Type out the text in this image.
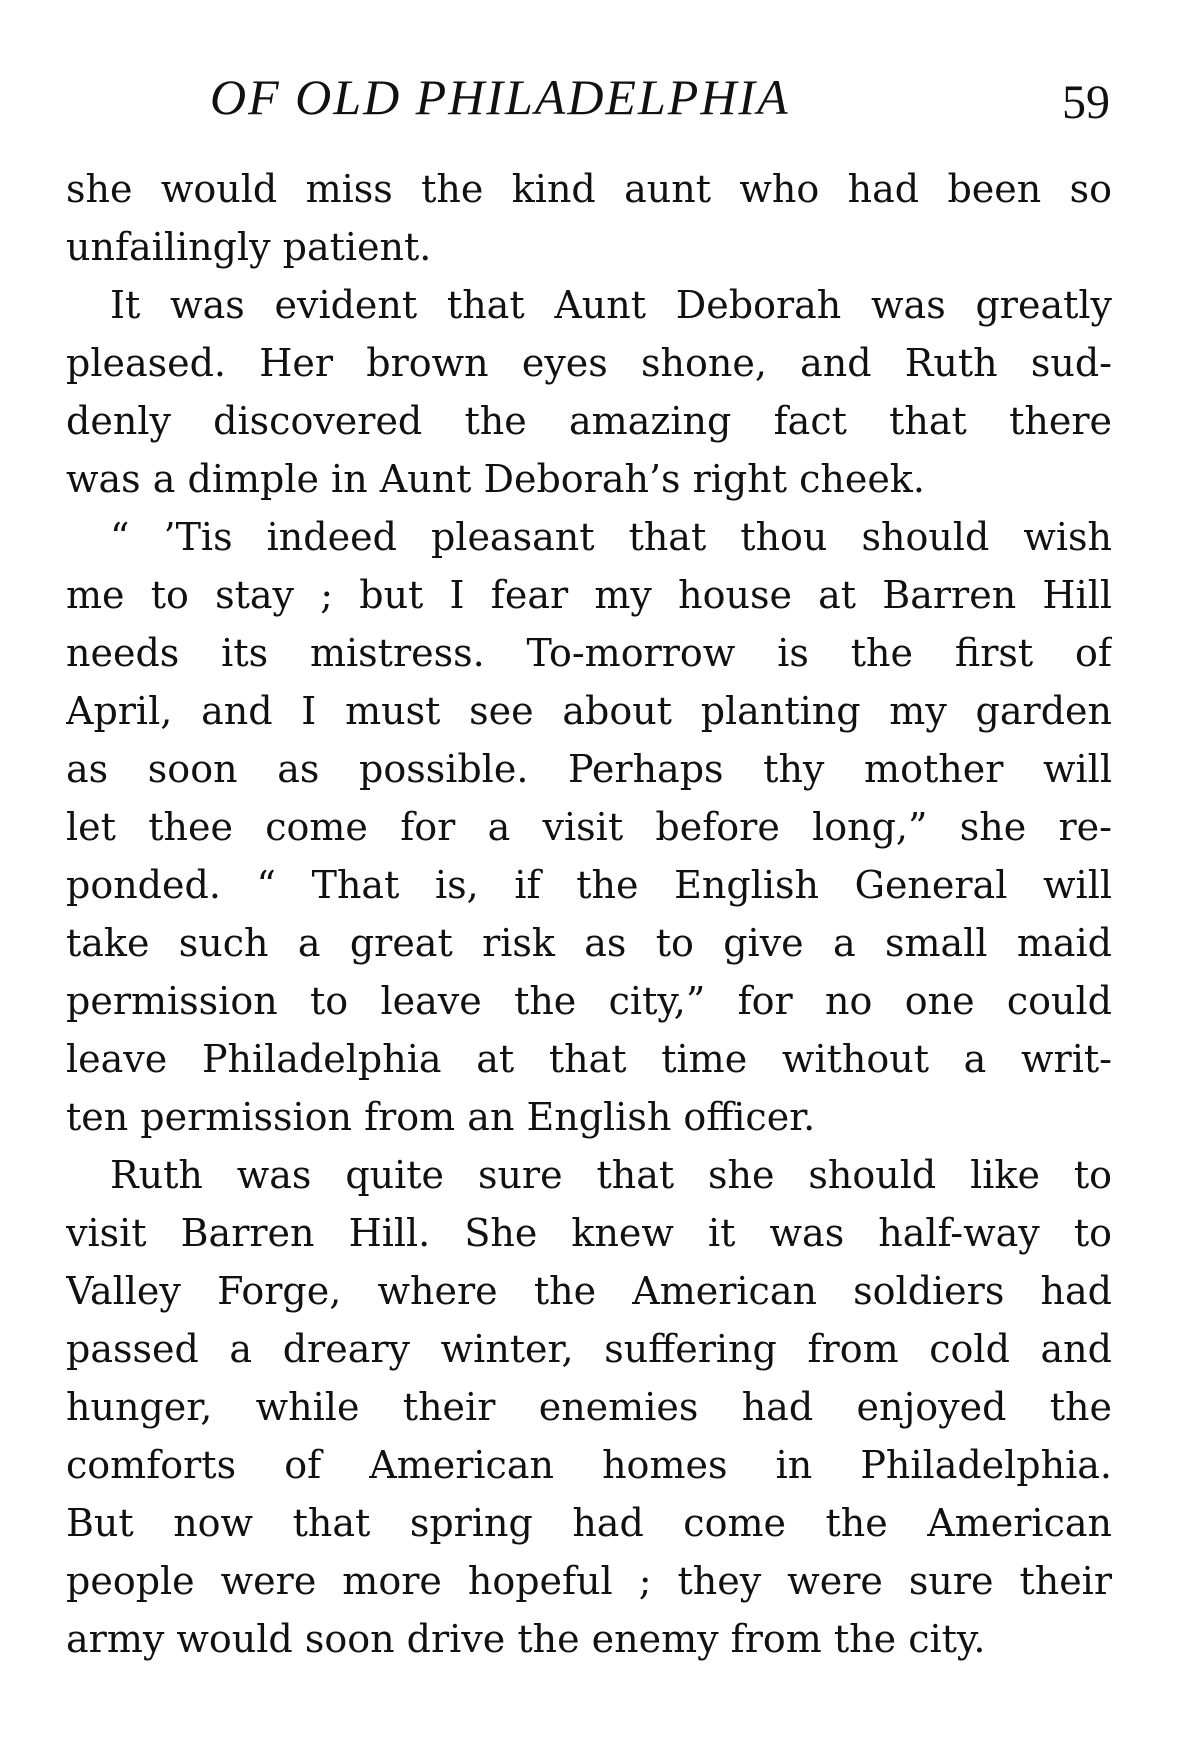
OF OLD PHILADELPHIA	59
she would miss the kind aunt who had been so
unfailingly patient.
It was evident that Aunt Deborah was greatly
pleased. Her brown eyes shone, and Ruth sud-
denly discovered the amazing fact that there
was a dimple in Aunt Deborah’s right cheek.
“ ’Tis indeed pleasant that thou should wish
me to stay ; but I fear my house at Barren Hill
needs its mistress. To-morrow is the first of
April, and I must see about planting my garden
as soon as possible. Perhaps thy mother will
let thee come for a visit before long,” she re-
ponded. “ That is, if the English General will
take such a great risk as to give a small maid
permission to leave the city,” for no one could
leave Philadelphia at that time without a writ-
ten permission from an English officer.
Ruth was quite sure that she should like to
visit Barren Hill. She knew it was half-way to
Valley Forge, where the American soldiers had
passed a dreary winter, suffering from cold and
hunger, while their enemies had enjoyed the
comforts of American homes in Philadelphia.
But now that spring had come the American
people were more hopeful ; they were sure their
army would soon drive the enemy from the city.
